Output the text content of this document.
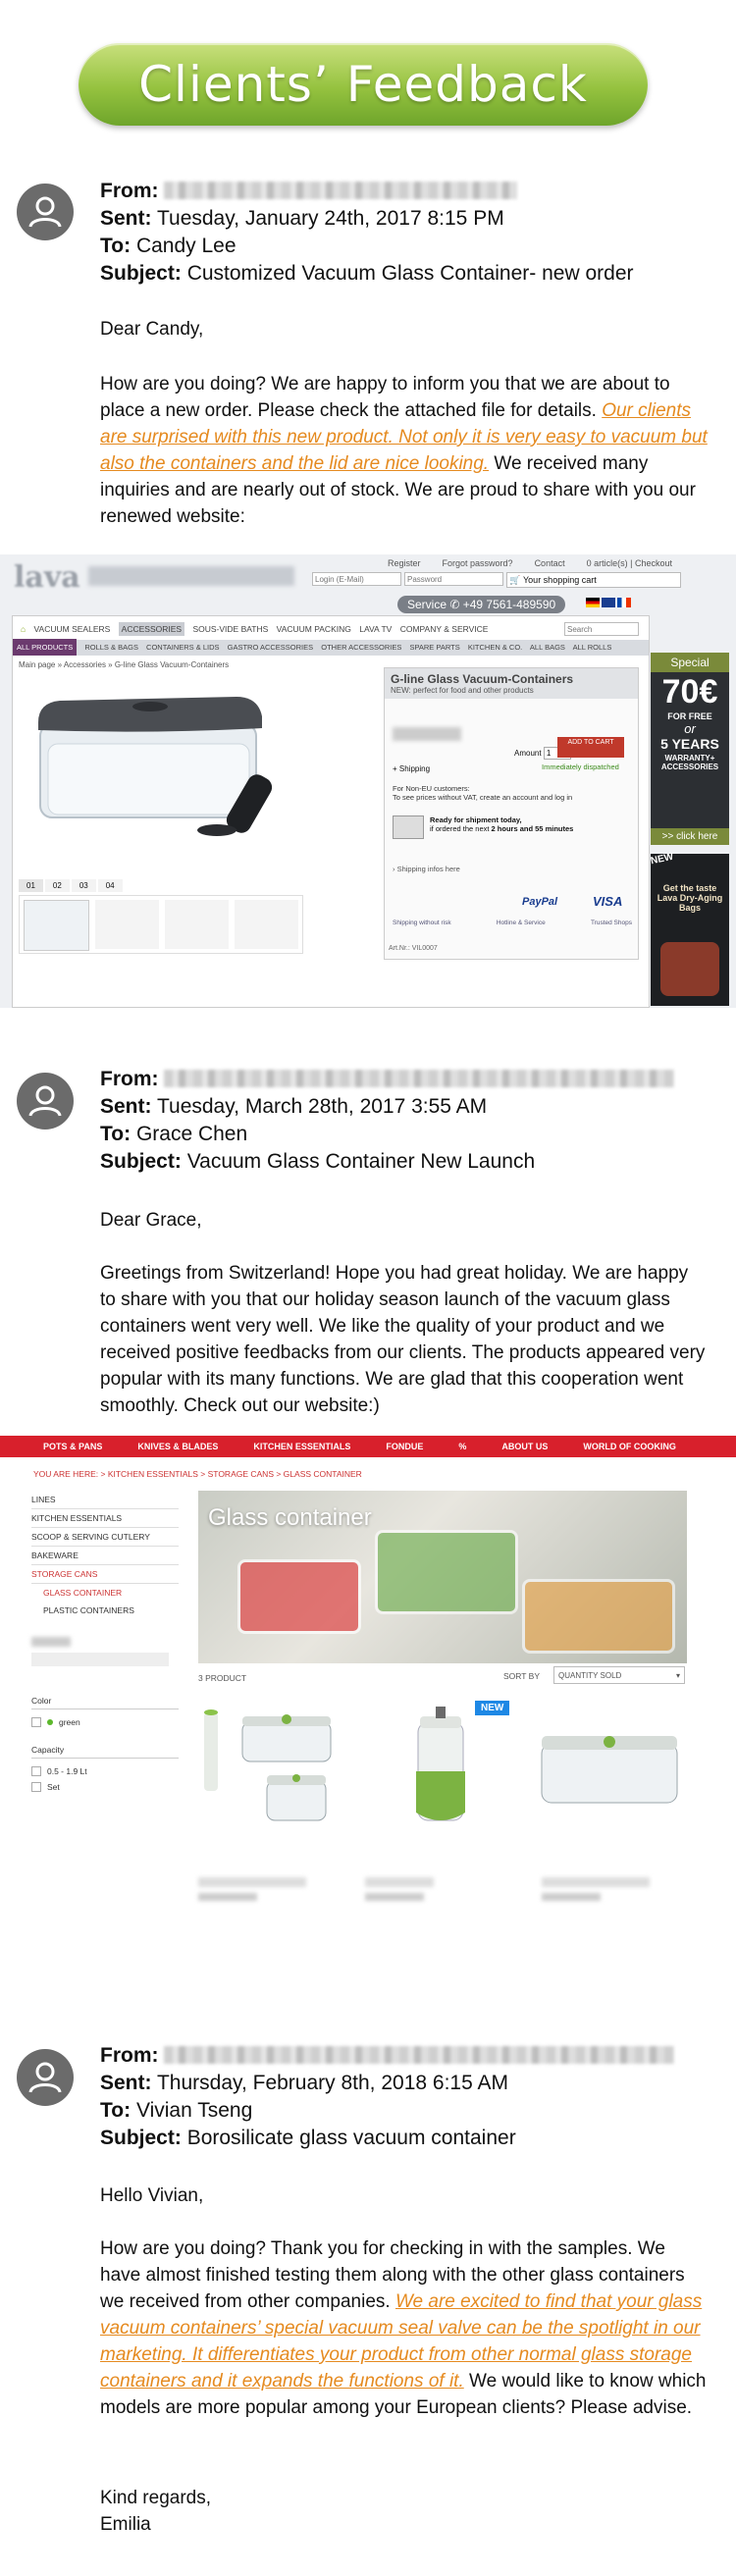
Clients’ Feedback
From:
Sent: Tuesday, January 24th, 2017 8:15 PM
To: Candy Lee
Subject: Customized Vacuum Glass Container- new order
Dear Candy,
How are you doing? We are happy to inform you that we are about to place a new order. Please check the attached file for details. Our clients are surprised with this new product. Not only it is very easy to vacuum but also the containers and the lid are nice looking. We received many inquiries and are nearly out of stock. We are proud to share with you our renewed website:
lava	Register Forgot password? Contact 0 article(s) | Checkout
Login (E-Mail)
Password
🛒 Your shopping cart
Service ✆ +49 7561-489590
⌂ VACUUM SEALERS ACCESSORIES SOUS-VIDE BATHS VACUUM PACKING LAVA TV COMPANY & SERVICE
Search
ALL PRODUCTS ROLLS & BAGS CONTAINERS & LIDS GASTRO ACCESSORIES OTHER ACCESSORIES SPARE PARTS KITCHEN & CO. ALL BAGS ALL ROLLS
Main page » Accessories » G-line Glass Vacuum-Containers
01	02	03	04
G-line Glass Vacuum-Containers
NEW: perfect for food and other products
+ Shipping
Amount 1
ADD TO CART
Immediately dispatched
For Non-EU customers:
To see prices without VAT, create an account and log in
Ready for shipment today,
if ordered the next 2 hours and 55 minutes
› Shipping infos here
PayPal	VISA
Shipping without risk	Hotline & Service	Trusted Shops
Art.Nr.: VIL0007
Special
70€
FOR FREE
or
5 YEARS
WARRANTY+ ACCESSORIES
>> click here
NEW
Get the taste Lava Dry-Aging Bags
From:
Sent: Tuesday, March 28th, 2017 3:55 AM
To: Grace Chen
Subject: Vacuum Glass Container New Launch
Dear Grace,
Greetings from Switzerland! Hope you had great holiday. We are happy to share with you that our holiday season launch of the vacuum glass containers went very well. We like the quality of your product and we received positive feedbacks from our clients. The products appeared very popular with its many functions. We are glad that this cooperation went smoothly. Check out our website:)
POTS & PANS	KNIVES & BLADES	KITCHEN ESSENTIALS	FONDUE	%	ABOUT US	WORLD OF COOKING
YOU ARE HERE: > KITCHEN ESSENTIALS > STORAGE CANS > GLASS CONTAINER
LINES
KITCHEN ESSENTIALS
SCOOP & SERVING CUTLERY
BAKEWARE
STORAGE CANS
GLASS CONTAINER
PLASTIC CONTAINERS
Color
green
Capacity
0.5 - 1.9 Lt
Set
Glass container
3 PRODUCT	SORT BY	QUANTITY SOLD	▾
NEW
From:
Sent: Thursday, February 8th, 2018 6:15 AM
To: Vivian Tseng
Subject: Borosilicate glass vacuum container
Hello Vivian,
How are you doing? Thank you for checking in with the samples. We have almost finished testing them along with the other glass containers we received from other companies. We are excited to find that your glass vacuum containers’ special vacuum seal valve can be the spotlight in our marketing. It differentiates your product from other normal glass storage containers and it expands the functions of it. We would like to know which models are more popular among your European clients? Please advise.
Kind regards,
Emilia
